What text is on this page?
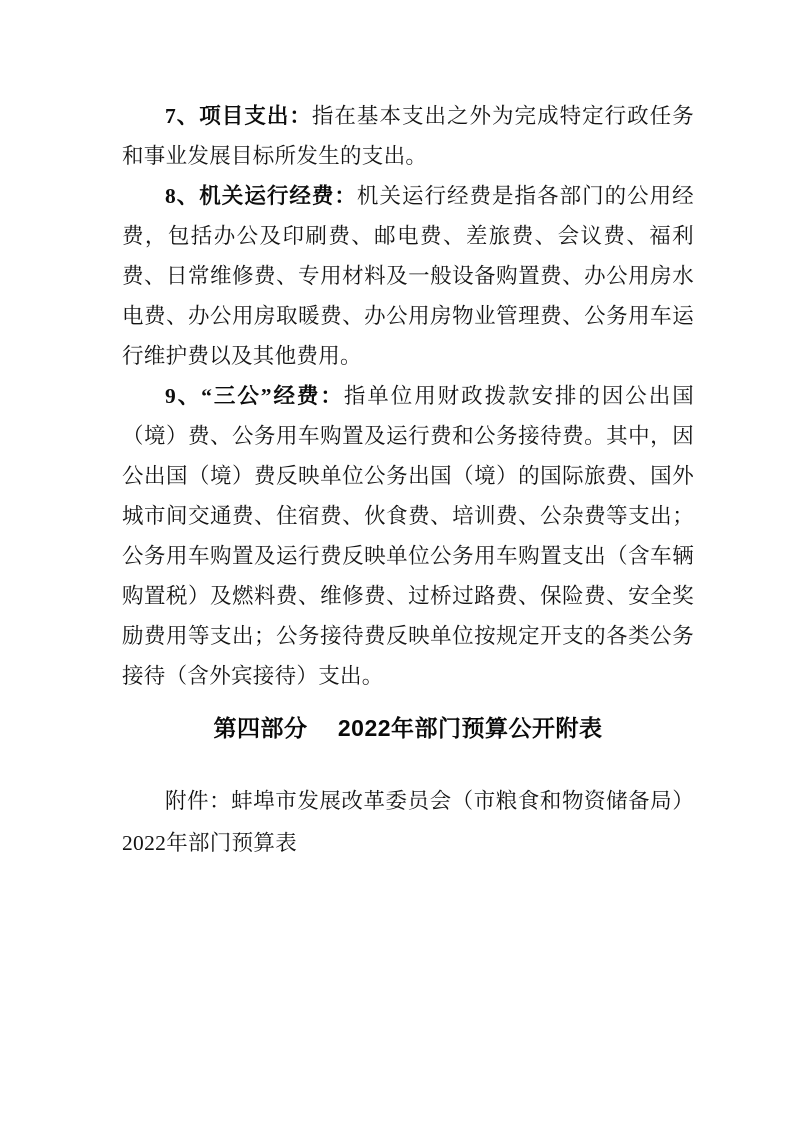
7、项目支出：指在基本支出之外为完成特定行政任务和事业发展目标所发生的支出。

8、机关运行经费：机关运行经费是指各部门的公用经费，包括办公及印刷费、邮电费、差旅费、会议费、福利费、日常维修费、专用材料及一般设备购置费、办公用房水电费、办公用房取暖费、办公用房物业管理费、公务用车运行维护费以及其他费用。

9、“三公”经费：指单位用财政拨款安排的因公出国（境）费、公务用车购置及运行费和公务接待费。其中，因公出国（境）费反映单位公务出国（境）的国际旅费、国外城市间交通费、住宿费、伙食费、培训费、公杂费等支出；公务用车购置及运行费反映单位公务用车购置支出（含车辆购置税）及燃料费、维修费、过桥过路费、保险费、安全奖励费用等支出；公务接待费反映单位按规定开支的各类公务接待（含外宾接待）支出。

第四部分　 2022年部门预算公开附表

附件：蚌埠市发展改革委员会（市粮食和物资储备局）2022年部门预算表
